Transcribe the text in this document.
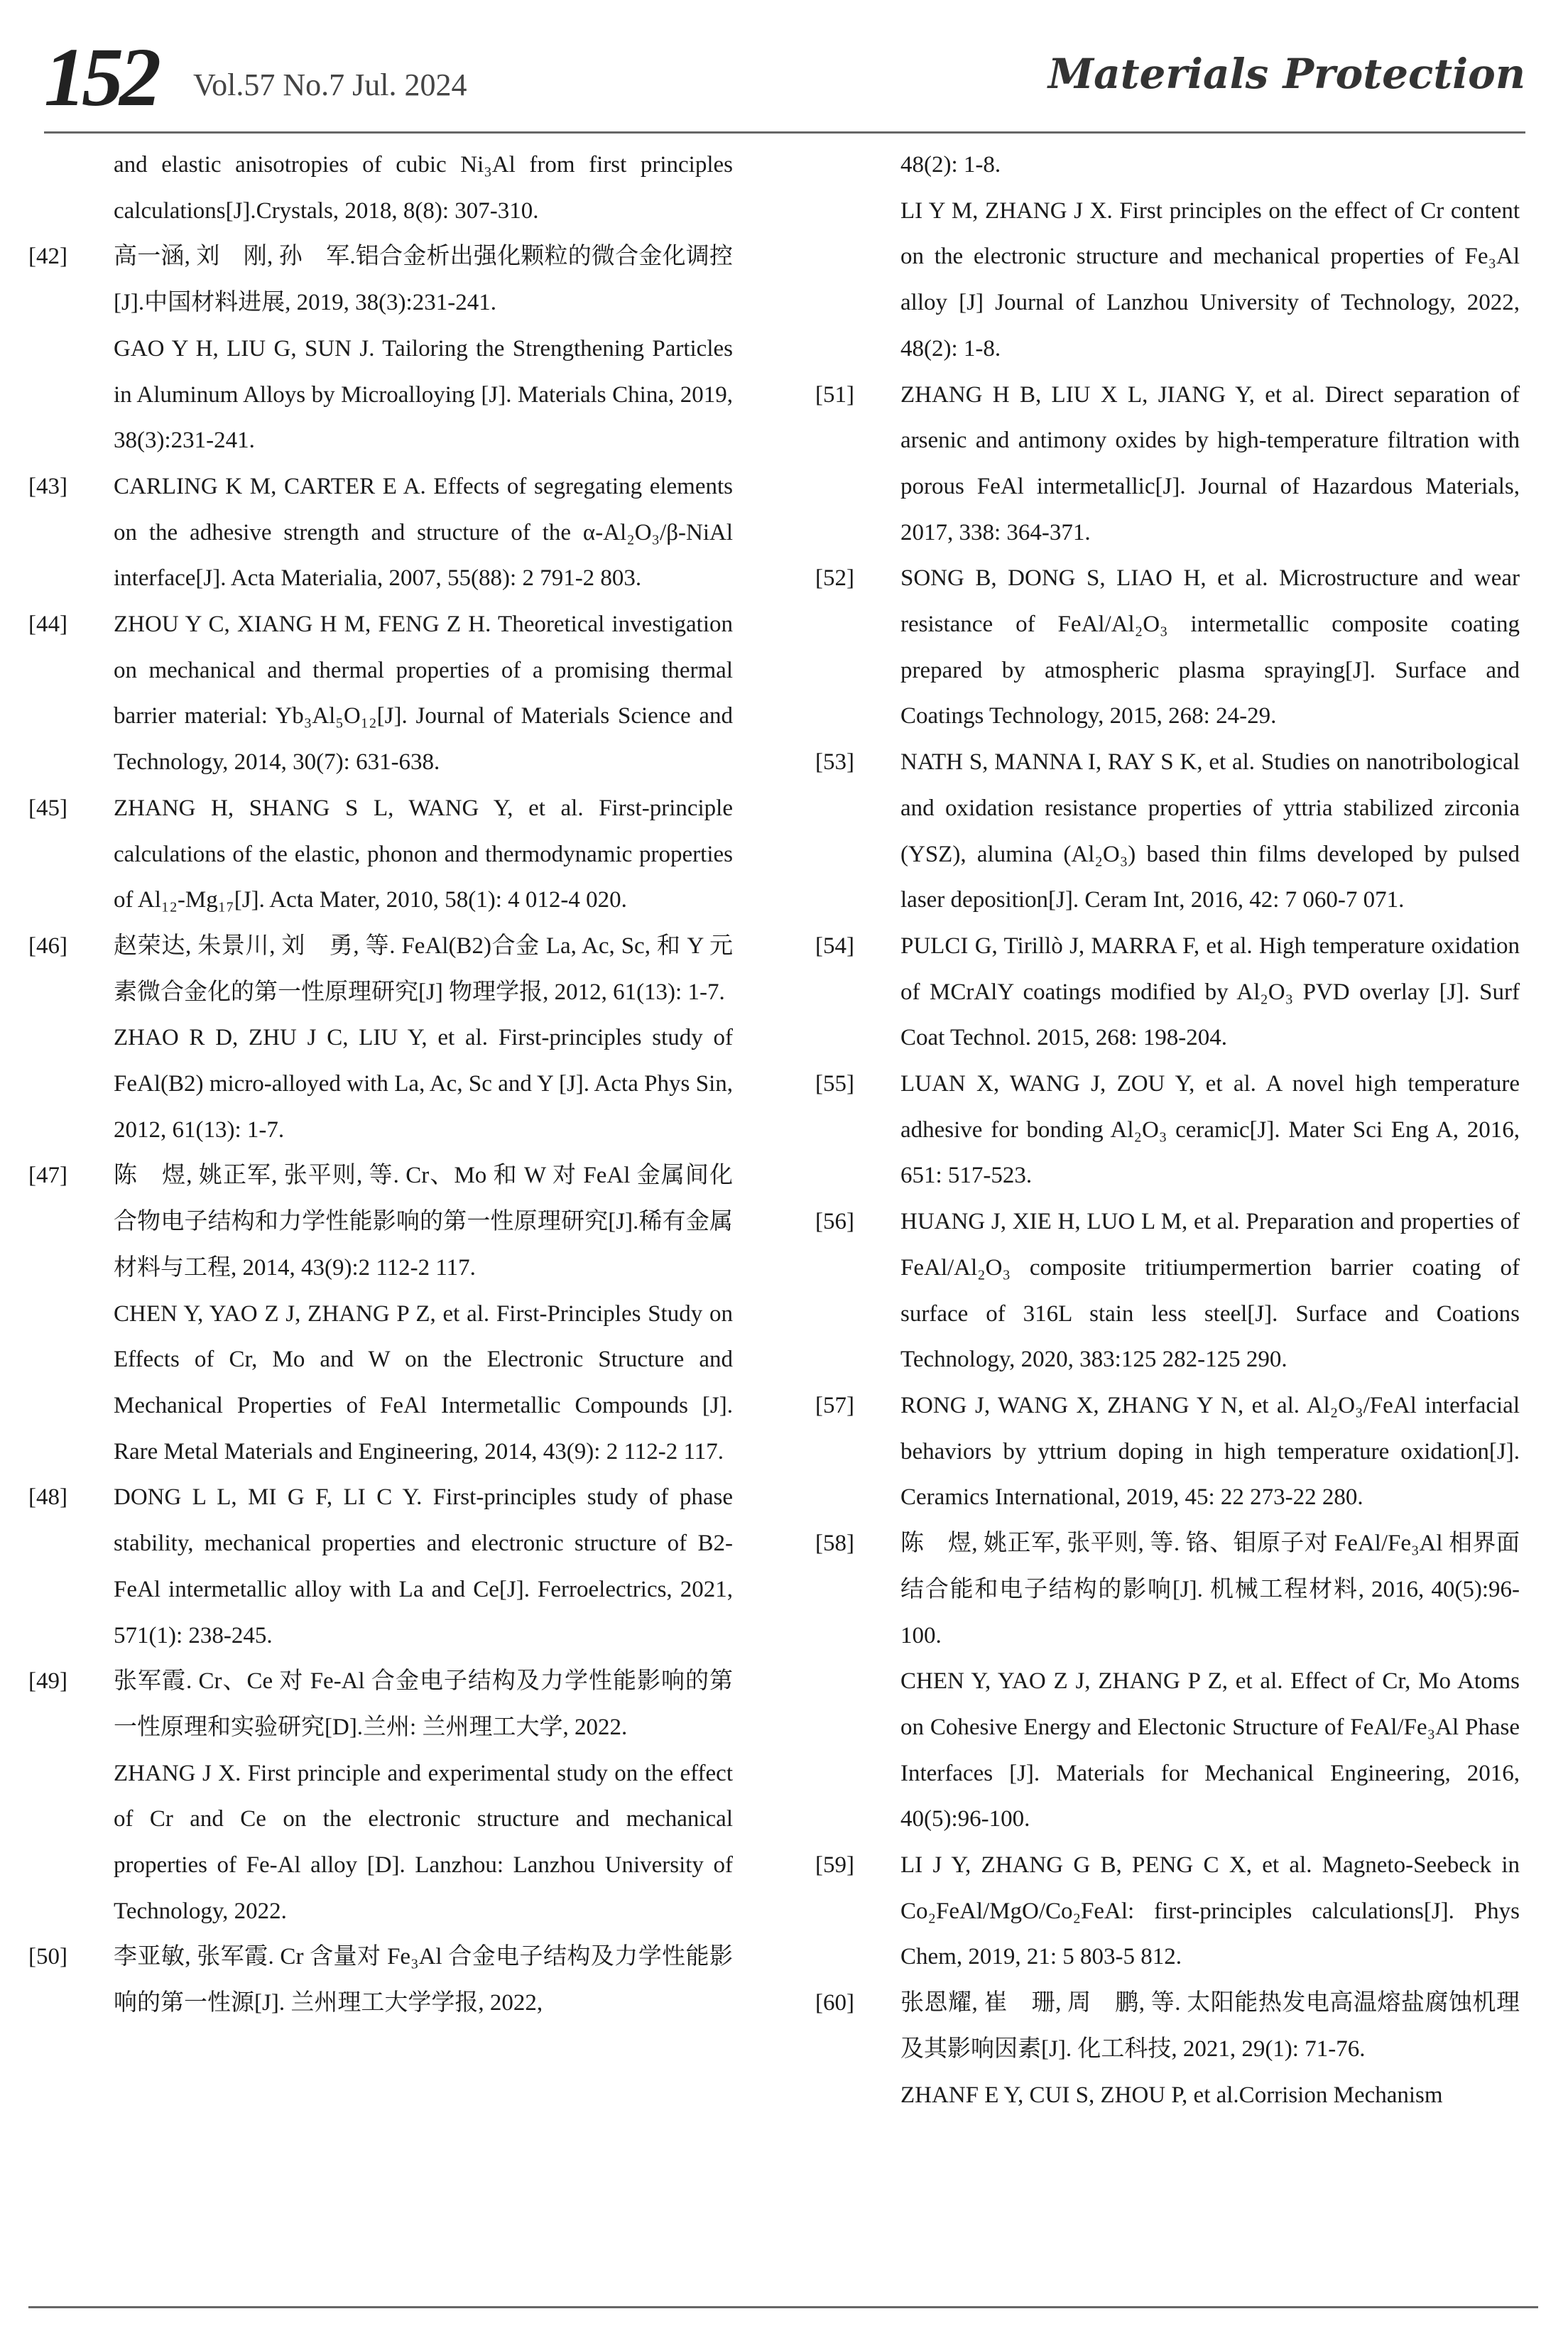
152 Vol.57 No.7 Jul. 2024	Materials Protection

and elastic anisotropies of cubic Ni₃Al from first principles calculations[J].Crystals, 2018, 8(8): 307-310.

[42]	高一涵, 刘　刚, 孙　军.铝合金析出强化颗粒的微合金化调控[J].中国材料进展, 2019, 38(3):231-241.

GAO Y H, LIU G, SUN J. Tailoring the Strengthening Particles in Aluminum Alloys by Microalloying [J]. Materials China, 2019, 38(3):231-241.

[43]	CARLING K M, CARTER E A. Effects of segregating elements on the adhesive strength and structure of the α-Al₂O₃/β-NiAl interface[J]. Acta Materialia, 2007, 55(88): 2 791-2 803.

[44]	ZHOU Y C, XIANG H M, FENG Z H. Theoretical investigation on mechanical and thermal properties of a promising thermal barrier material: Yb₃Al₅O₁₂[J]. Journal of Materials Science and Technology, 2014, 30(7): 631-638.

[45]	ZHANG H, SHANG S L, WANG Y, et al. First-principle calculations of the elastic, phonon and thermodynamic properties of Al₁₂-Mg₁₇[J]. Acta Mater, 2010, 58(1): 4 012-4 020.

[46]	赵荣达, 朱景川, 刘　勇, 等. FeAl(B2)合金 La, Ac, Sc, 和 Y 元素微合金化的第一性原理研究[J] 物理学报, 2012, 61(13): 1-7.

ZHAO R D, ZHU J C, LIU Y, et al. First-principles study of FeAl(B2) micro-alloyed with La, Ac, Sc and Y [J]. Acta Phys Sin, 2012, 61(13): 1-7.

[47]	陈　煜, 姚正军, 张平则, 等. Cr、Mo 和 W 对 FeAl 金属间化合物电子结构和力学性能影响的第一性原理研究[J].稀有金属材料与工程, 2014, 43(9):2 112-2 117.

CHEN Y, YAO Z J, ZHANG P Z, et al. First-Principles Study on Effects of Cr, Mo and W on the Electronic Structure and Mechanical Properties of FeAl Intermetallic Compounds [J]. Rare Metal Materials and Engineering, 2014, 43(9): 2 112-2 117.

[48]	DONG L L, MI G F, LI C Y. First-principles study of phase stability, mechanical properties and electronic structure of B2-FeAl intermetallic alloy with La and Ce[J]. Ferroelectrics, 2021, 571(1): 238-245.

[49]	张军霞. Cr、Ce 对 Fe-Al 合金电子结构及力学性能影响的第一性原理和实验研究[D].兰州: 兰州理工大学, 2022.

ZHANG J X. First principle and experimental study on the effect of Cr and Ce on the electronic structure and mechanical properties of Fe-Al alloy [D]. Lanzhou: Lanzhou University of Technology, 2022.

[50]	李亚敏, 张军霞. Cr 含量对 Fe₃Al 合金电子结构及力学性能影响的第一性源[J]. 兰州理工大学学报, 2022,

48(2): 1-8.

LI Y M, ZHANG J X. First principles on the effect of Cr content on the electronic structure and mechanical properties of Fe₃Al alloy [J] Journal of Lanzhou University of Technology, 2022, 48(2): 1-8.

[51]	ZHANG H B, LIU X L, JIANG Y, et al. Direct separation of arsenic and antimony oxides by high-temperature filtration with porous FeAl intermetallic[J]. Journal of Hazardous Materials, 2017, 338: 364-371.

[52]	SONG B, DONG S, LIAO H, et al. Microstructure and wear resistance of FeAl/Al₂O₃ intermetallic composite coating prepared by atmospheric plasma spraying[J]. Surface and Coatings Technology, 2015, 268: 24-29.

[53]	NATH S, MANNA I, RAY S K, et al. Studies on nanotribological and oxidation resistance properties of yttria stabilized zirconia (YSZ), alumina (Al₂O₃) based thin films developed by pulsed laser deposition[J]. Ceram Int, 2016, 42: 7 060-7 071.

[54]	PULCI G, Tirillò J, MARRA F, et al. High temperature oxidation of MCrAlY coatings modified by Al₂O₃ PVD overlay [J]. Surf Coat Technol. 2015, 268: 198-204.

[55]	LUAN X, WANG J, ZOU Y, et al. A novel high temperature adhesive for bonding Al₂O₃ ceramic[J]. Mater Sci Eng A, 2016, 651: 517-523.

[56]	HUANG J, XIE H, LUO L M, et al. Preparation and properties of FeAl/Al₂O₃ composite tritiumpermertion barrier coating of surface of 316L stain less steel[J]. Surface and Coations Technology, 2020, 383:125 282-125 290.

[57]	RONG J, WANG X, ZHANG Y N, et al. Al₂O₃/FeAl interfacial behaviors by yttrium doping in high temperature oxidation[J]. Ceramics International, 2019, 45: 22 273-22 280.

[58]	陈　煜, 姚正军, 张平则, 等. 铬、钼原子对 FeAl/Fe₃Al 相界面结合能和电子结构的影响[J]. 机械工程材料, 2016, 40(5):96-100.

CHEN Y, YAO Z J, ZHANG P Z, et al. Effect of Cr, Mo Atoms on Cohesive Energy and Electonic Structure of FeAl/Fe₃Al Phase Interfaces [J]. Materials for Mechanical Engineering, 2016, 40(5):96-100.

[59]	LI J Y, ZHANG G B, PENG C X, et al. Magneto-Seebeck in Co₂FeAl/MgO/Co₂FeAl: first-principles calculations[J]. Phys Chem, 2019, 21: 5 803-5 812.

[60]	张恩耀, 崔　珊, 周　鹏, 等. 太阳能热发电高温熔盐腐蚀机理及其影响因素[J]. 化工科技, 2021, 29(1): 71-76.

ZHANF E Y, CUI S, ZHOU P, et al.Corrision Mechanism
